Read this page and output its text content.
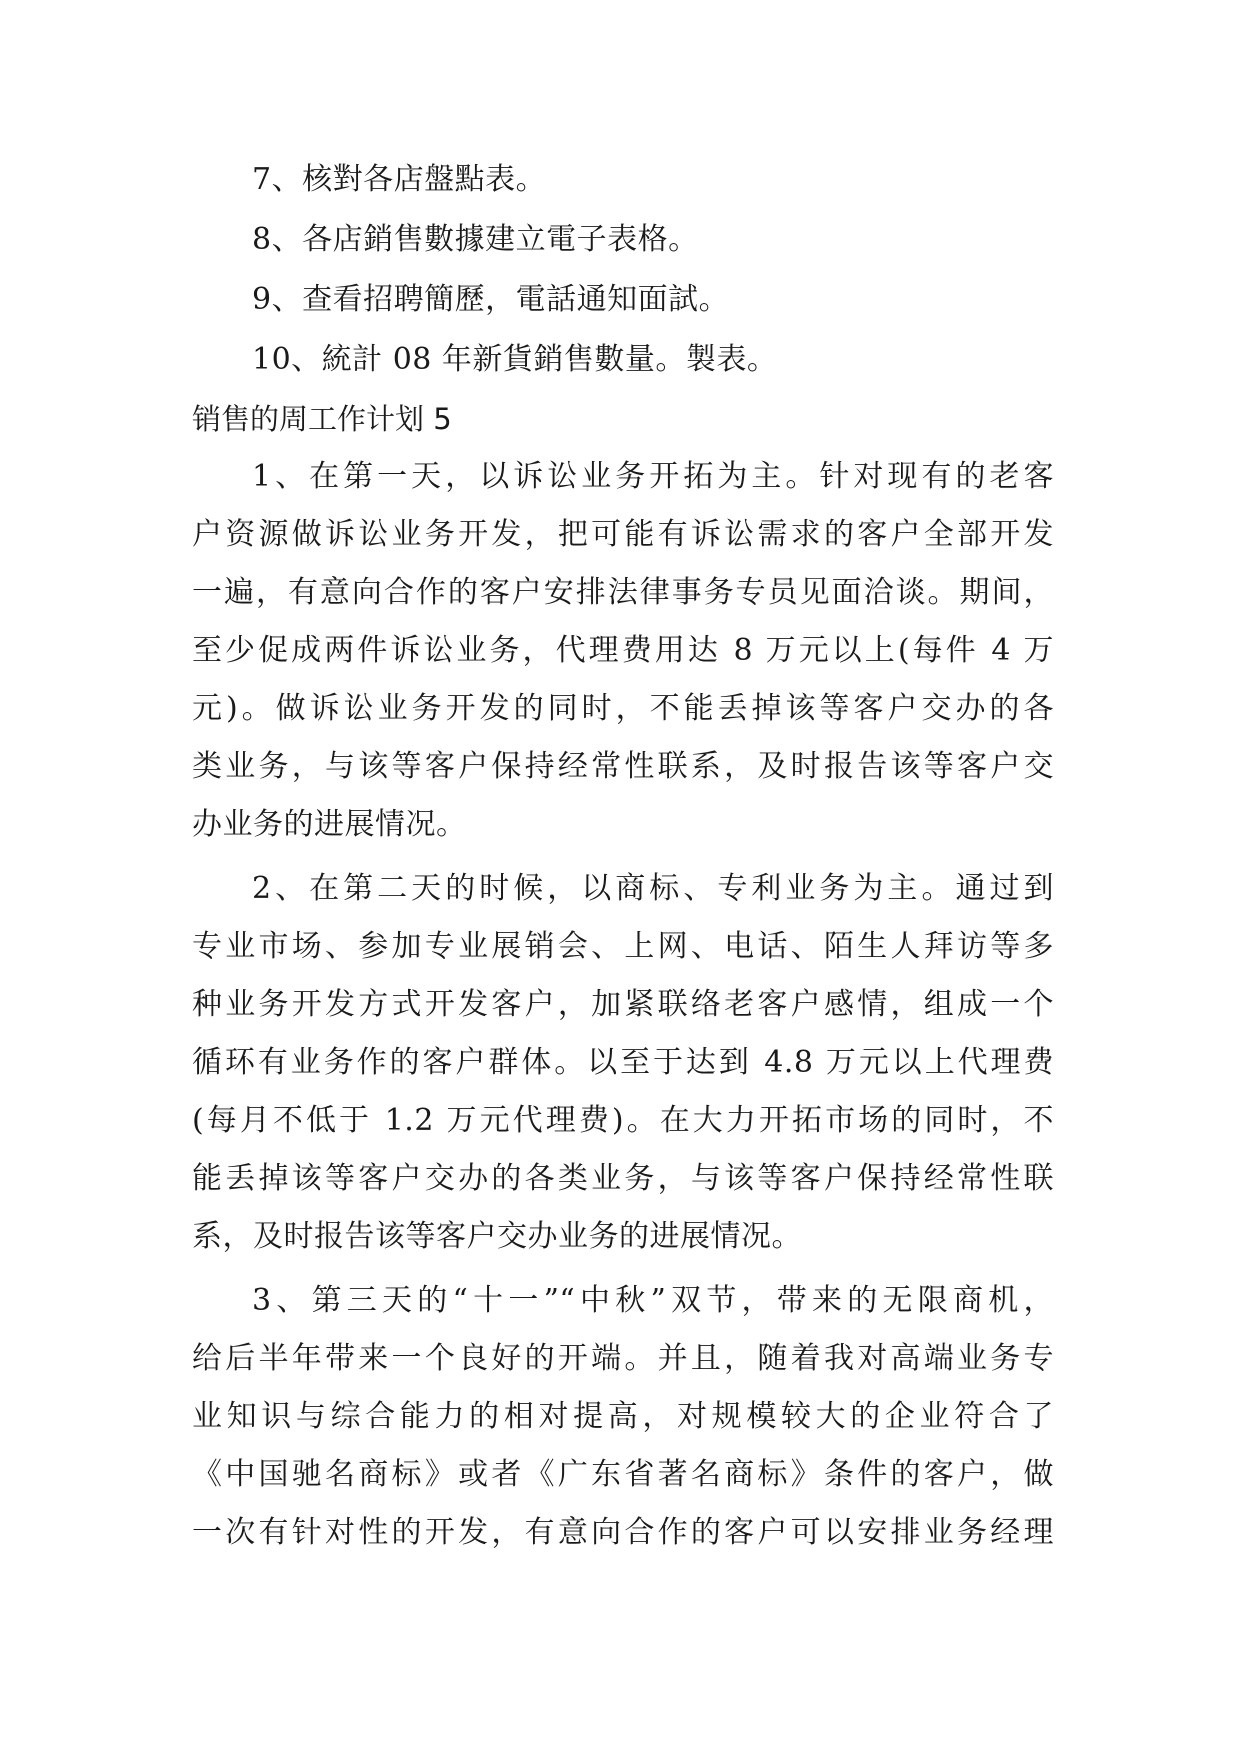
7、核對各店盤點表。
8、各店銷售數據建立電子表格。
9、查看招聘簡歷，電話通知面試。
10、統計 08 年新貨銷售數量。製表。
销售的周工作计划 5
1、在第一天，以诉讼业务开拓为主。针对现有的老客
户资源做诉讼业务开发，把可能有诉讼需求的客户全部开发
一遍，有意向合作的客户安排法律事务专员见面洽谈。期间，
至少促成两件诉讼业务，代理费用达 8 万元以上(每件 4 万
元)。做诉讼业务开发的同时，不能丢掉该等客户交办的各
类业务，与该等客户保持经常性联系，及时报告该等客户交
办业务的进展情况。
2、在第二天的时候，以商标、专利业务为主。通过到
专业市场、参加专业展销会、上网、电话、陌生人拜访等多
种业务开发方式开发客户，加紧联络老客户感情，组成一个
循环有业务作的客户群体。以至于达到 4.8 万元以上代理费
(每月不低于 1.2 万元代理费)。在大力开拓市场的同时，不
能丢掉该等客户交办的各类业务，与该等客户保持经常性联
系，及时报告该等客户交办业务的进展情况。
3、第三天的“十一”“中秋”双节，带来的无限商机，
给后半年带来一个良好的开端。并且，随着我对高端业务专
业知识与综合能力的相对提高，对规模较大的企业符合了
《中国驰名商标》或者《广东省著名商标》条件的客户，做
一次有针对性的开发，有意向合作的客户可以安排业务经理
